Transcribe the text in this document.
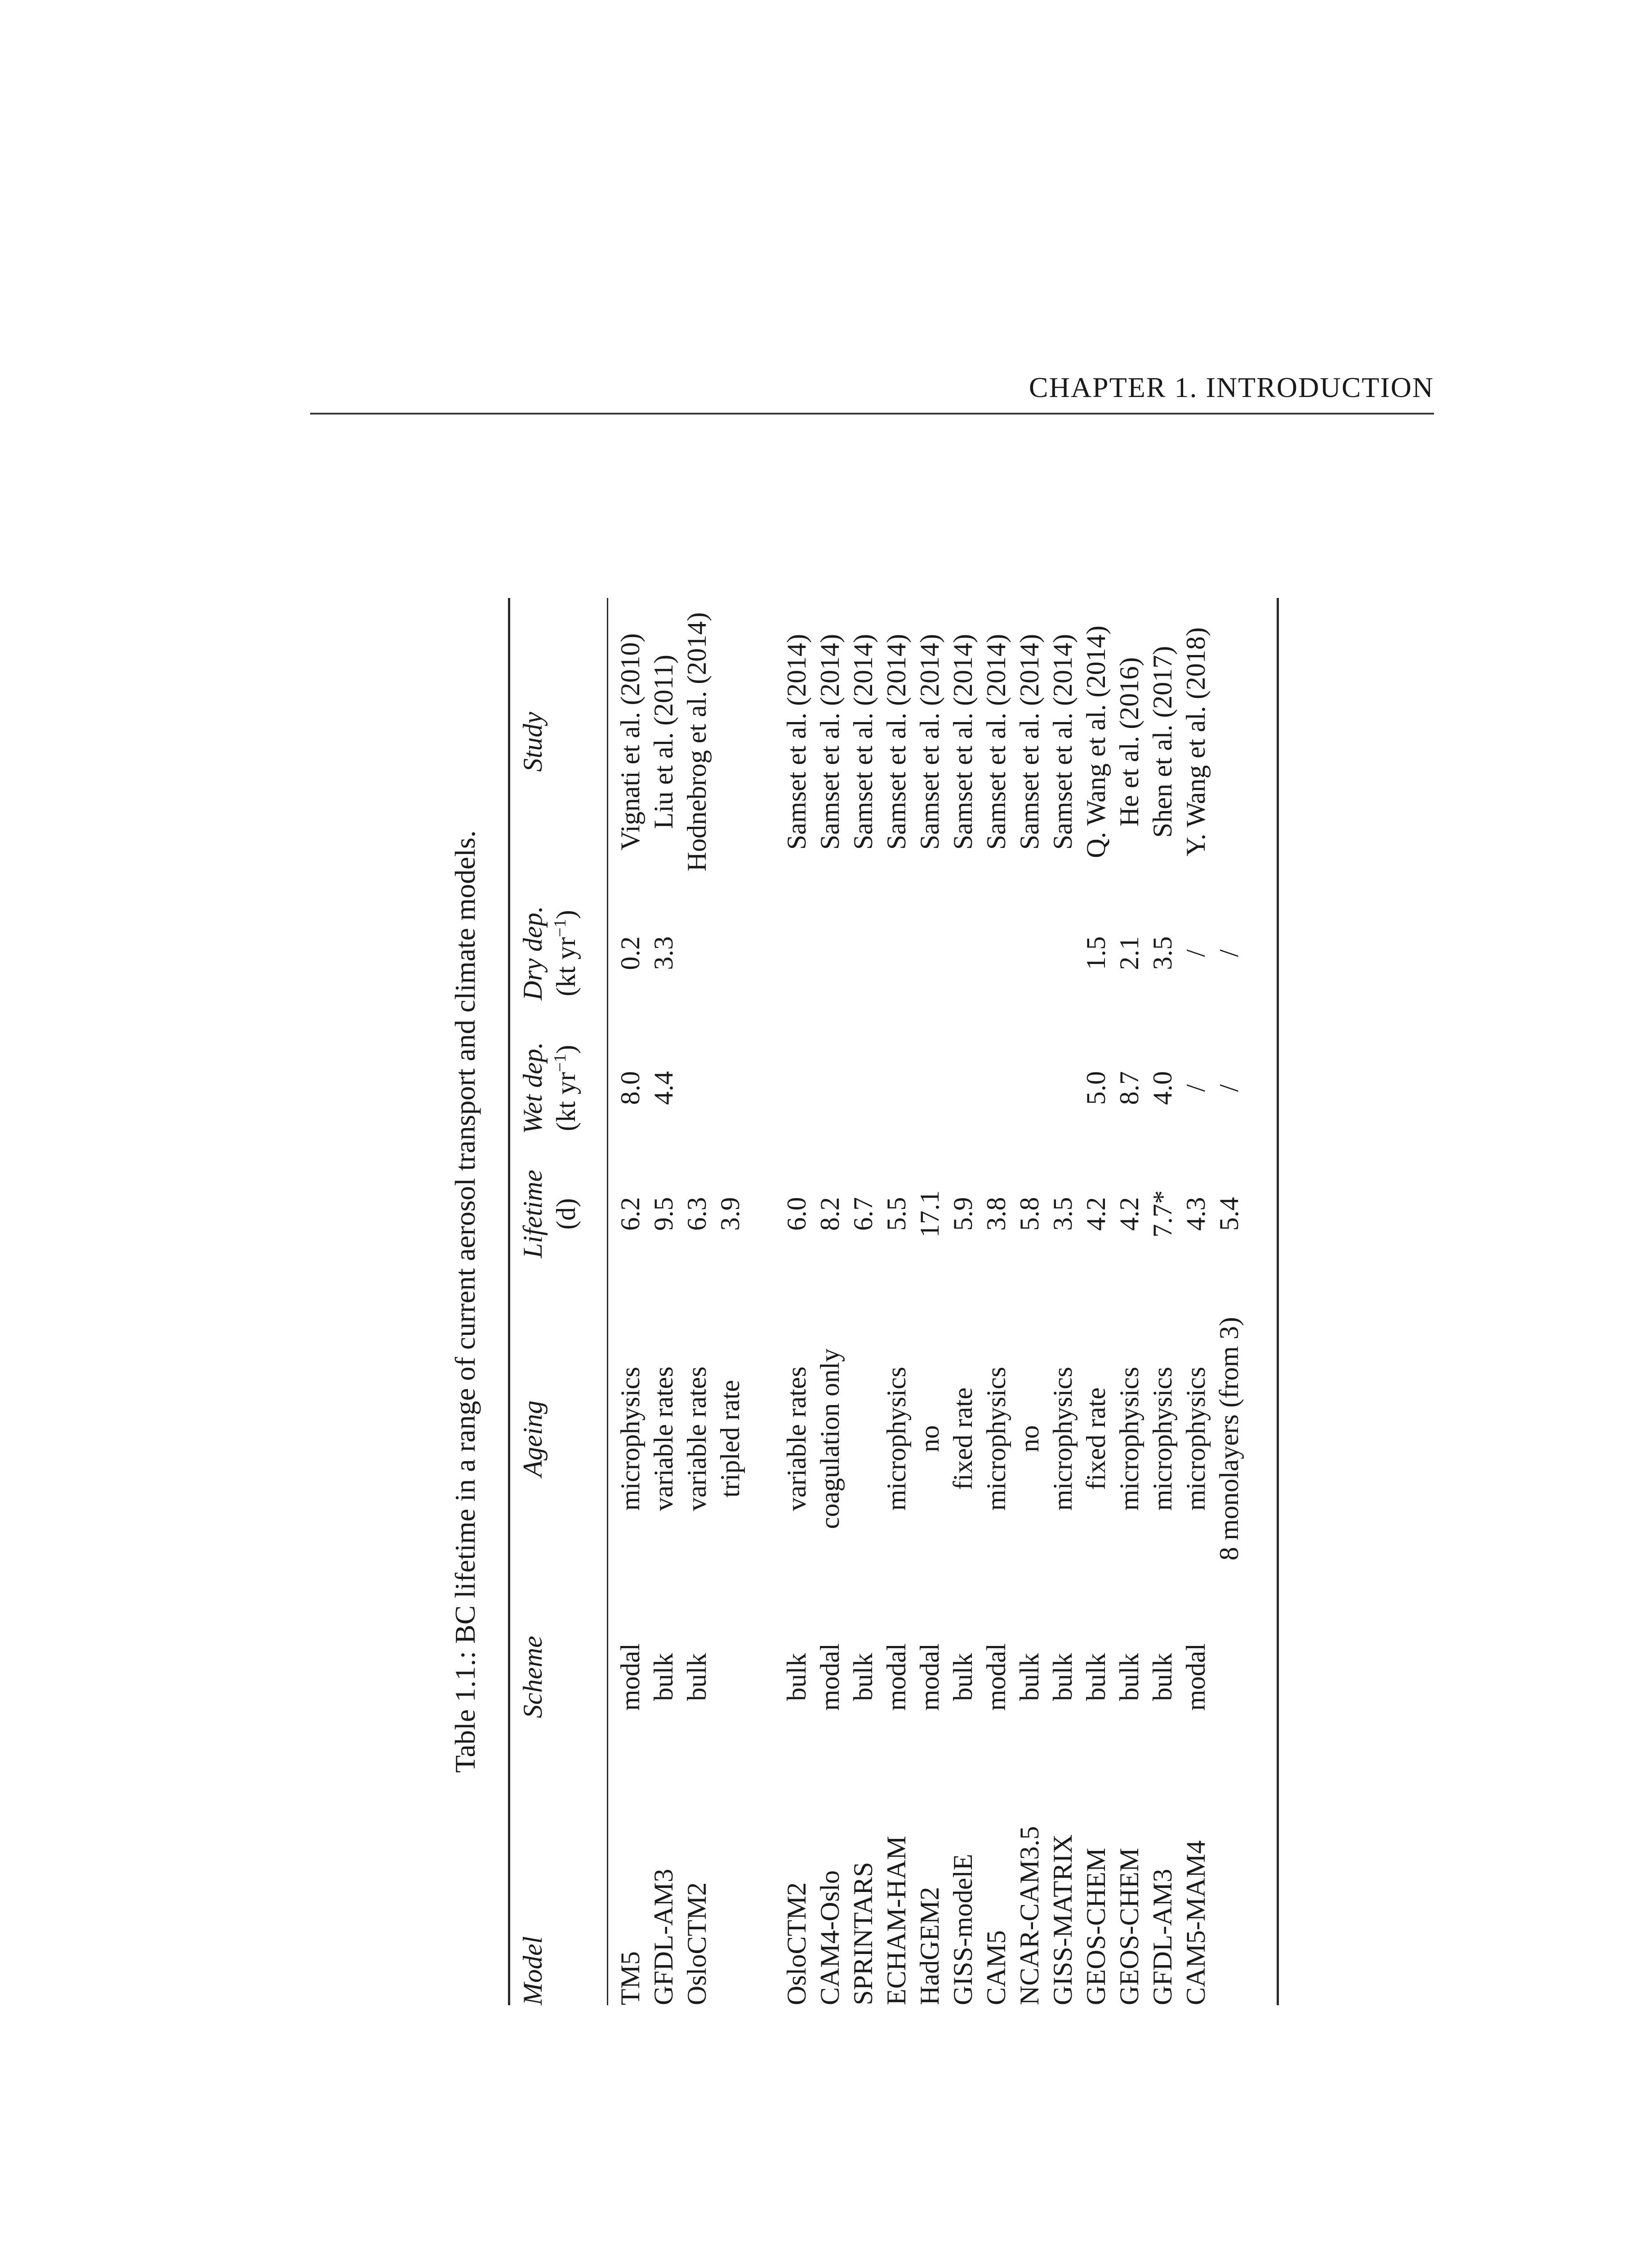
CHAPTER 1. INTRODUCTION
Table 1.1.: BC lifetime in a range of current aerosol transport and climate models.
Model
Scheme
Ageing
Lifetime (d)
Wet dep. (kt $yr^{-1}$)
Dry dep. (kt $yr^{-1}$)
Study
TM5
modal
microphysics
6.2
8.0
0.2
Vignati et al. (2010)
GFDL-AM3
bulk
variable rates
9.5
4.4
3.3
Liu et al. (2011)
OsloCTM2
bulk
variable rates
6.3
Hodnebrog et al. (2014)
tripled rate
3.9
OsloCTM2
bulk
variable rates
6.0
Samset et al. (2014)
CAM4-Oslo
modal
coagulation only
8.2
Samset et al. (2014)
SPRINTARS
bulk
6.7
Samset et al. (2014)
ECHAM-HAM
modal
microphysics
5.5
Samset et al. (2014)
HadGEM2
modal
no
17.1
Samset et al. (2014)
GISS-modelE
bulk
fixed rate
5.9
Samset et al. (2014)
CAM5
modal
microphysics
3.8
Samset et al. (2014)
NCAR-CAM3.5
bulk
no
5.8
Samset et al. (2014)
GISS-MATRIX
bulk
microphysics
3.5
Samset et al. (2014)
GEOS-CHEM
bulk
fixed rate
4.2
5.0
1.5
Q. Wang et al. (2014)
GEOS-CHEM
bulk
microphysics
4.2
8.7
2.1
He et al. (2016)
GFDL-AM3
bulk
microphysics
7.7*
4.0
3.5
Shen et al. (2017)
CAM5-MAM4
modal
microphysics
4.3
/
/
Y. Wang et al. (2018)
8 monolayers (from 3)
5.4
/
/
